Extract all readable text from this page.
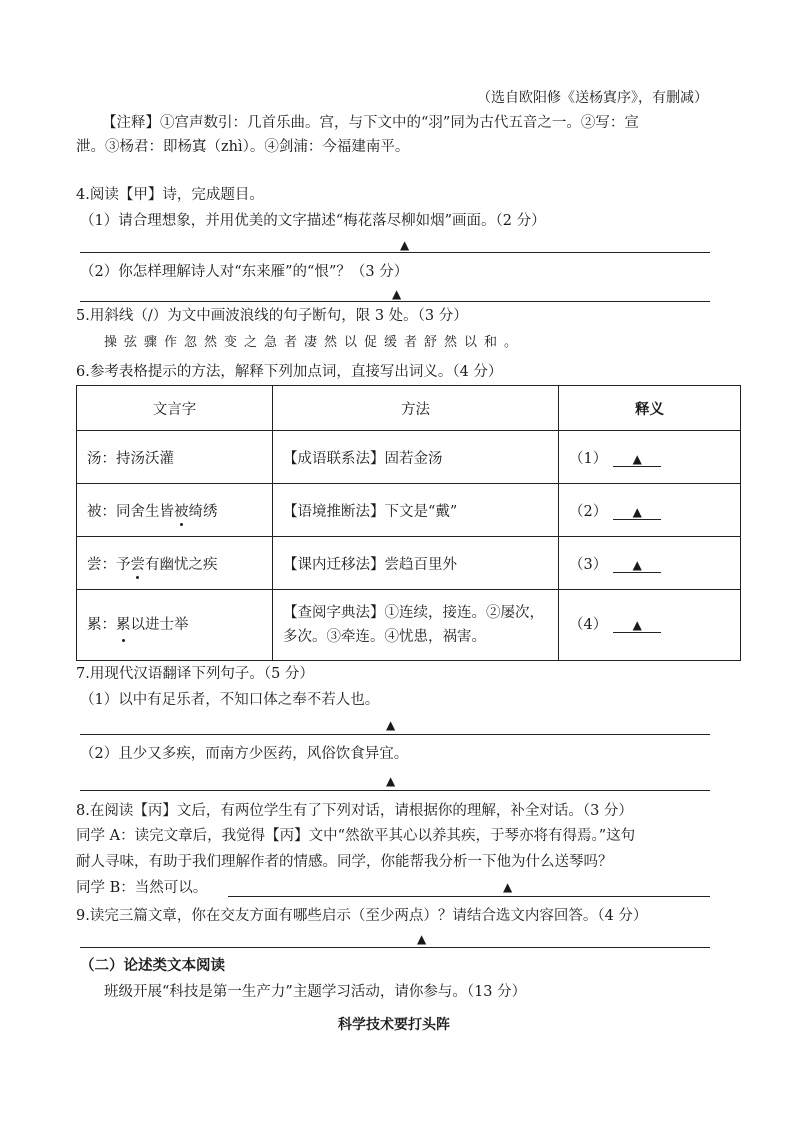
（选自欧阳修《送杨寘序》，有删减）
【注释】①宫声数引：几首乐曲。宫，与下文中的“羽”同为古代五音之一。②写：宣
泄。③杨君：即杨寘（zhì）。④剑浦：今福建南平。
4.阅读【甲】诗，完成题目。
（1）请合理想象，并用优美的文字描述“梅花落尽柳如烟”画面。（2 分）
▲
（2）你怎样理解诗人对“东来雁”的“恨”？（3 分）
▲
5.用斜线（/）为文中画波浪线的句子断句，限 3 处。（3 分）
操弦骤作忽然变之急者凄然以促缓者舒然以和。
6.参考表格提示的方法，解释下列加点词，直接写出词义。（4 分）
文言字	方法	释义
汤：持汤沃灌	【成语联系法】固若金汤	（1） ▲
被：同舍生皆被绮绣	【语境推断法】下文是“戴”	（2） ▲
尝：予尝有幽忧之疾	【课内迁移法】尝趋百里外	（3） ▲
累：累以进士举	【查阅字典法】①连续，接连。②屡次，
多次。③牵连。④忧患，祸害。	（4） ▲
7.用现代汉语翻译下列句子。（5 分）
（1）以中有足乐者，不知口体之奉不若人也。
▲
（2）且少又多疾，而南方少医药，风俗饮食异宜。
▲
8.在阅读【丙】文后，有两位学生有了下列对话，请根据你的理解，补全对话。（3 分）
同学 A：读完文章后，我觉得【丙】文中“然欲平其心以养其疾，于琴亦将有得焉。”这句
耐人寻味，有助于我们理解作者的情感。同学，你能帮我分析一下他为什么送琴吗？
同学 B：当然可以。	▲
9.读完三篇文章，你在交友方面有哪些启示（至少两点）？请结合选文内容回答。（4 分）
▲
（二）论述类文本阅读
班级开展“科技是第一生产力”主题学习活动，请你参与。（13 分）
科学技术要打头阵
